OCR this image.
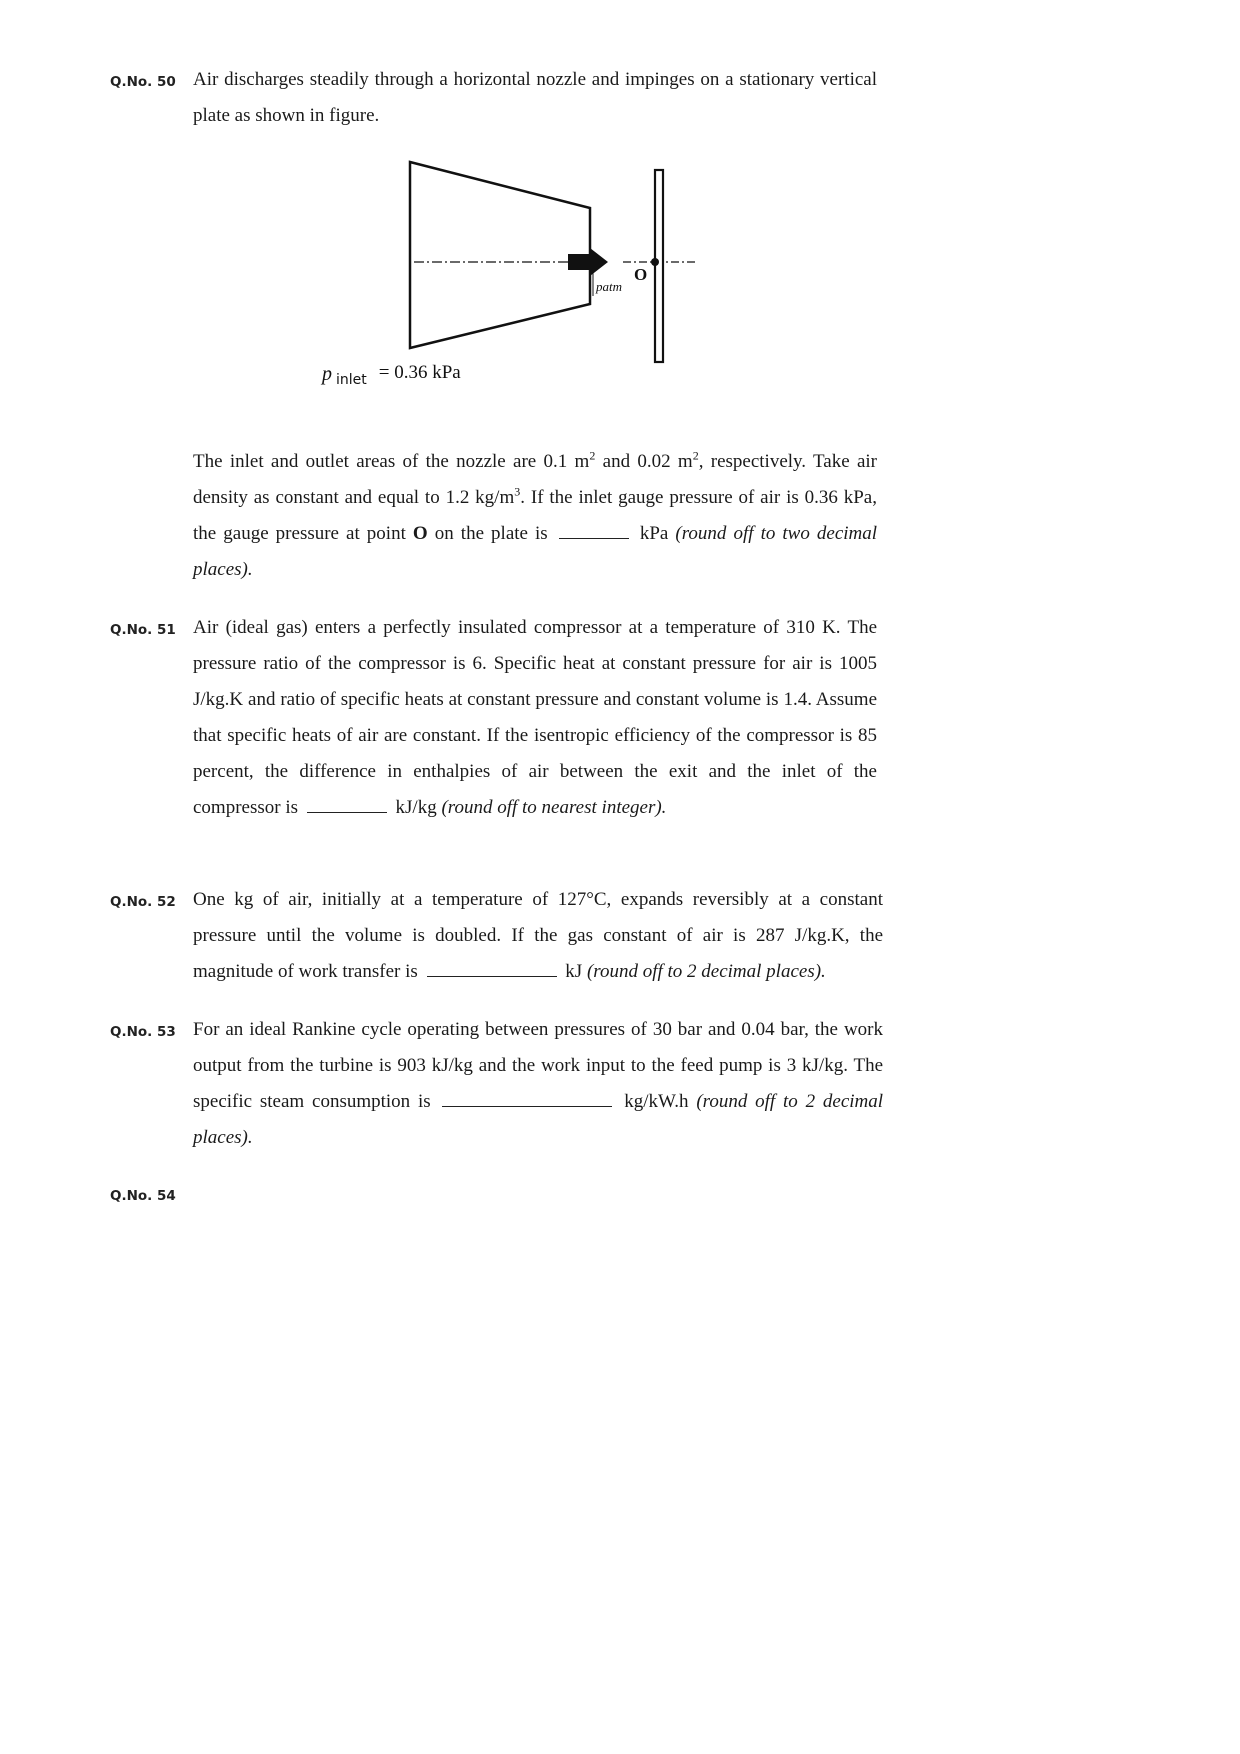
Q.No. 50 Air discharges steadily through a horizontal nozzle and impinges on a stationary vertical plate as shown in figure.
O
patm
p inlet = 0.36 kPa
The inlet and outlet areas of the nozzle are 0.1 $m^2$ and 0.02 $m^2$, respectively. Take air density as constant and equal to 1.2 $kg/m^3$. If the inlet gauge pressure of air is 0.36 kPa, the gauge pressure at point O on the plate is	kPa (round off to two decimal places).
Q.No. 51 Air (ideal gas) enters a perfectly insulated compressor at a temperature of 310 K. The pressure ratio of the compressor is 6. Specific heat at constant pressure for air is 1005 J/kg.K and ratio of specific heats at constant pressure and constant volume is 1.4. Assume that specific heats of air are constant. If the isentropic efficiency of the compressor is 85 percent, the difference in enthalpies of air between the exit and the inlet of the compressor is	kJ/kg (round off to nearest integer).
Q.No. 52 One kg of air, initially at a temperature of 127°C, expands reversibly at a constant pressure until the volume is doubled. If the gas constant of air is 287 J/kg.K, the magnitude of work transfer is	kJ (round off to 2 decimal places).
Q.No. 53 For an ideal Rankine cycle operating between pressures of 30 bar and 0.04 bar, the work output from the turbine is 903 kJ/kg and the work input to the feed pump is 3 kJ/kg. The specific steam consumption is	kg/kW.h (round off to 2 decimal places).
Q.No. 54
